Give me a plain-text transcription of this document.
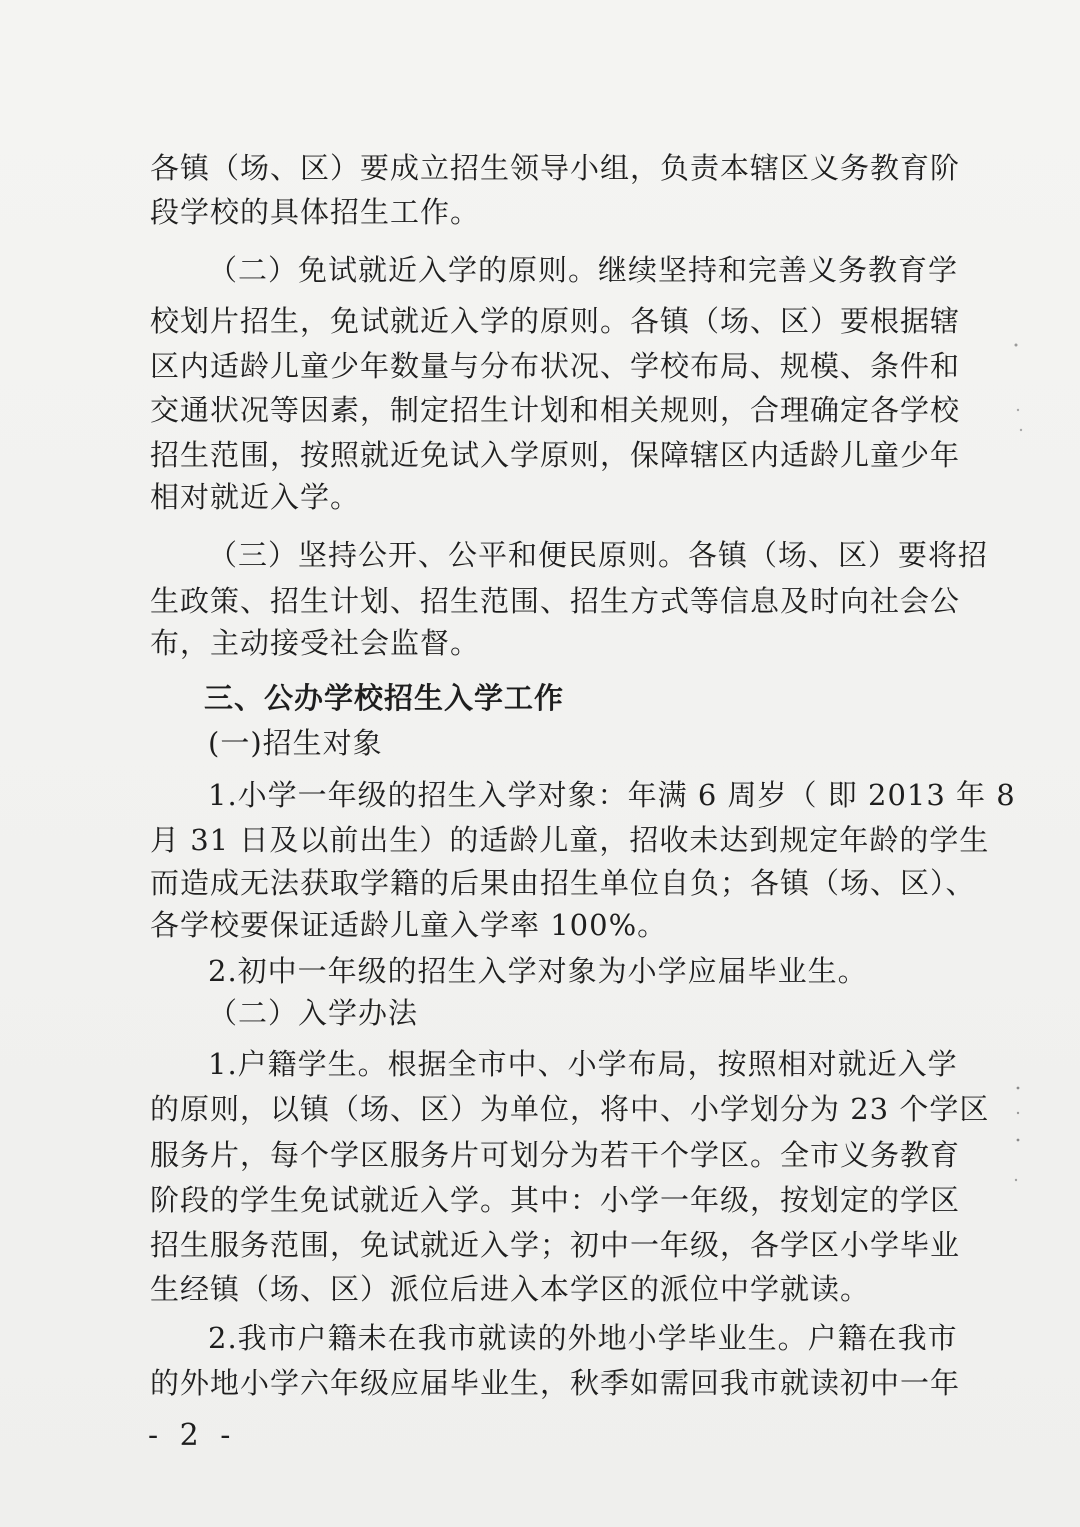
各镇（场、区）要成立招生领导小组，负责本辖区义务教育阶
段学校的具体招生工作。
（二）免试就近入学的原则。继续坚持和完善义务教育学
校划片招生，免试就近入学的原则。各镇（场、区）要根据辖
区内适龄儿童少年数量与分布状况、学校布局、规模、条件和
交通状况等因素，制定招生计划和相关规则，合理确定各学校
招生范围，按照就近免试入学原则，保障辖区内适龄儿童少年
相对就近入学。
（三）坚持公开、公平和便民原则。各镇（场、区）要将招
生政策、招生计划、招生范围、招生方式等信息及时向社会公
布，主动接受社会监督。
三、公办学校招生入学工作
(一)招生对象
1.小学一年级的招生入学对象：年满 6 周岁（ 即 2013 年 8
月 31 日及以前出生）的适龄儿童，招收未达到规定年龄的学生
而造成无法获取学籍的后果由招生单位自负；各镇（场、区）、
各学校要保证适龄儿童入学率 100%。
2.初中一年级的招生入学对象为小学应届毕业生。
（二）入学办法
1.户籍学生。根据全市中、小学布局，按照相对就近入学
的原则，以镇（场、区）为单位，将中、小学划分为 23 个学区
服务片，每个学区服务片可划分为若干个学区。全市义务教育
阶段的学生免试就近入学。其中：小学一年级，按划定的学区
招生服务范围，免试就近入学；初中一年级，各学区小学毕业
生经镇（场、区）派位后进入本学区的派位中学就读。
2.我市户籍未在我市就读的外地小学毕业生。户籍在我市
的外地小学六年级应届毕业生，秋季如需回我市就读初中一年
- 2 -
